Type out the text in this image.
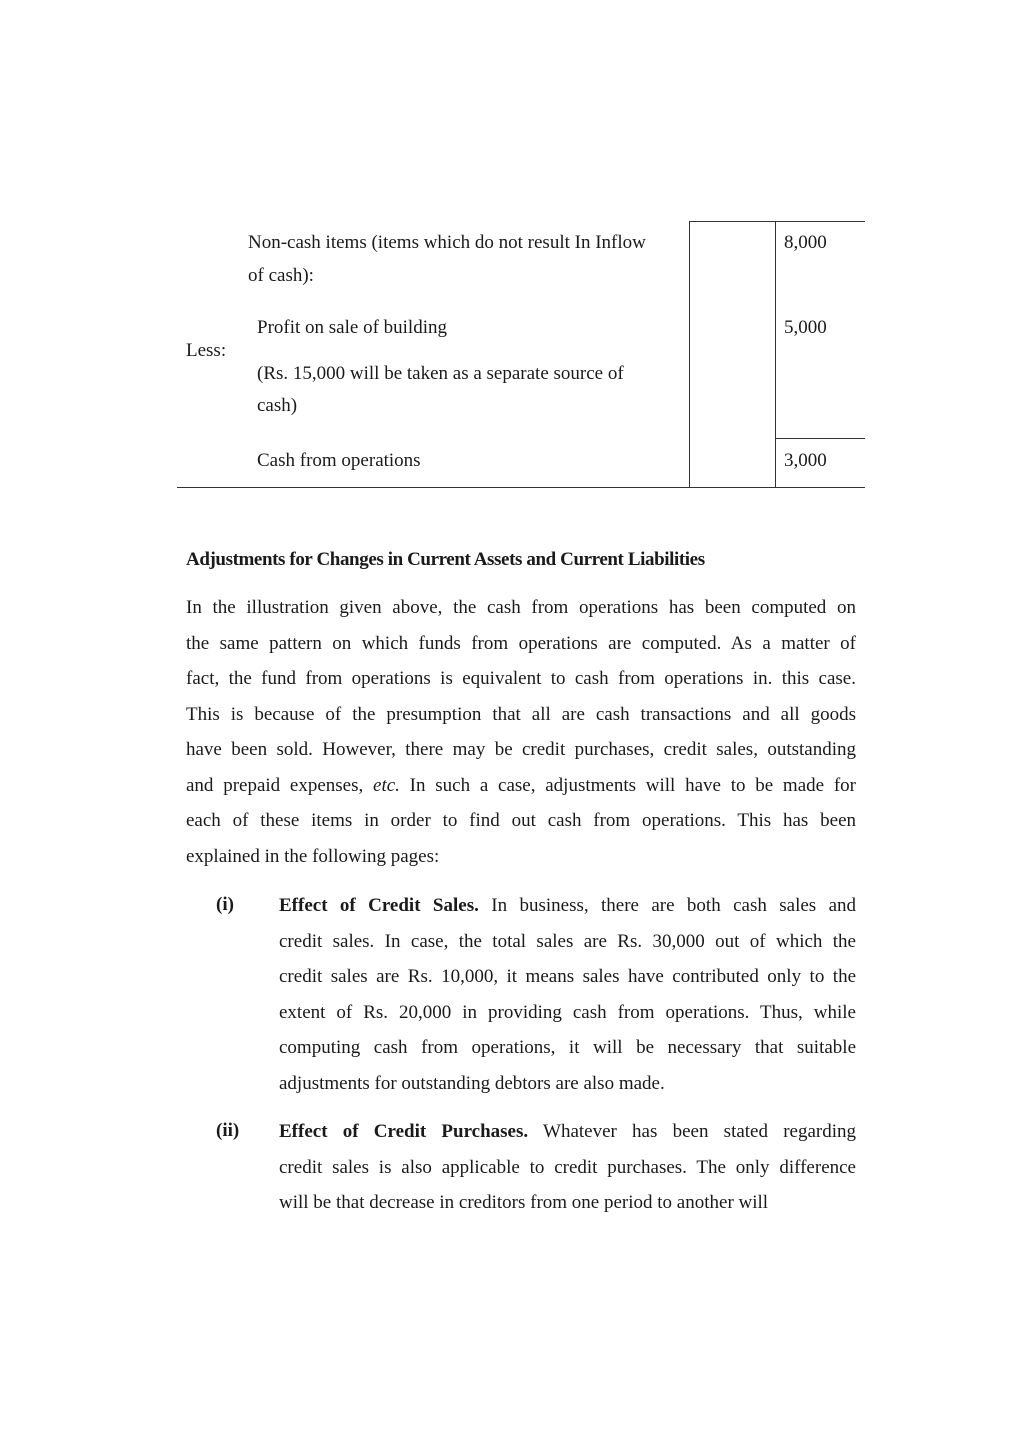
Less:
Non-cash items (items which do not result In Inflow
of cash):
8,000
Profit on sale of building	5,000
(Rs. 15,000 will be taken as a separate source of
cash)
Cash from operations	3,000
Adjustments for Changes in Current Assets and Current Liabilities
In the illustration given above, the cash from operations has been computed on
the same pattern on which funds from operations are computed. As a matter of
fact, the fund from operations is equivalent to cash from operations in. this case.
This is because of the presumption that all are cash transactions and all goods
have been sold. However, there may be credit purchases, credit sales, outstanding
and prepaid expenses, etc. In such a case, adjustments will have to be made for
each of these items in order to find out cash from operations. This has been
explained in the following pages:
(i) Effect of Credit Sales. In business, there are both cash sales and
credit sales. In case, the total sales are Rs. 30,000 out of which the
credit sales are Rs. 10,000, it means sales have contributed only to the
extent of Rs. 20,000 in providing cash from operations. Thus, while
computing cash from operations, it will be necessary that suitable
adjustments for outstanding debtors are also made.
(ii) Effect of Credit Purchases. Whatever has been stated regarding
credit sales is also applicable to credit purchases. The only difference
will be that decrease in creditors from one period to another will
